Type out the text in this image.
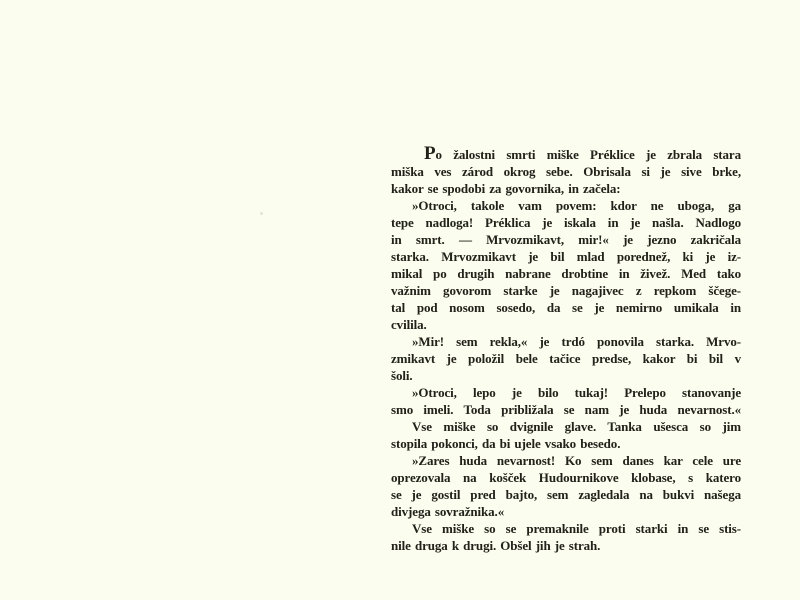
Po žalostni smrti miške Préklice je zbrala stara
miška ves zárod okrog sebe. Obrisala si je sive brke,
kakor se spodobi za govornika, in začela:
»Otroci, takole vam povem: kdor ne uboga, ga
tepe nadloga! Préklica je iskala in je našla. Nadlogo
in smrt. — Mrvozmikavt, mir!« je jezno zakričala
starka. Mrvozmikavt je bil mlad porednež, ki je iz-
mikal po drugih nabrane drobtine in živež. Med tako
važnim govorom starke je nagajivec z repkom ščege-
tal pod nosom sosedo, da se je nemirno umikala in
cvilila.
»Mir! sem rekla,« je trdó ponovila starka. Mrvo-
zmikavt je položil bele tačice predse, kakor bi bil v
šoli.
»Otroci, lepo je bilo tukaj! Prelepo stanovanje
smo imeli. Toda približala se nam je huda nevarnost.«
Vse miške so dvignile glave. Tanka ušesca so jim
stopila pokonci, da bi ujele vsako besedo.
»Zares huda nevarnost! Ko sem danes kar cele ure
oprezovala na košček Hudournikove klobase, s katero
se je gostil pred bajto, sem zagledala na bukvi našega
divjega sovražnika.«
Vse miške so se premaknile proti starki in se stis-
nile druga k drugi. Obšel jih je strah.
